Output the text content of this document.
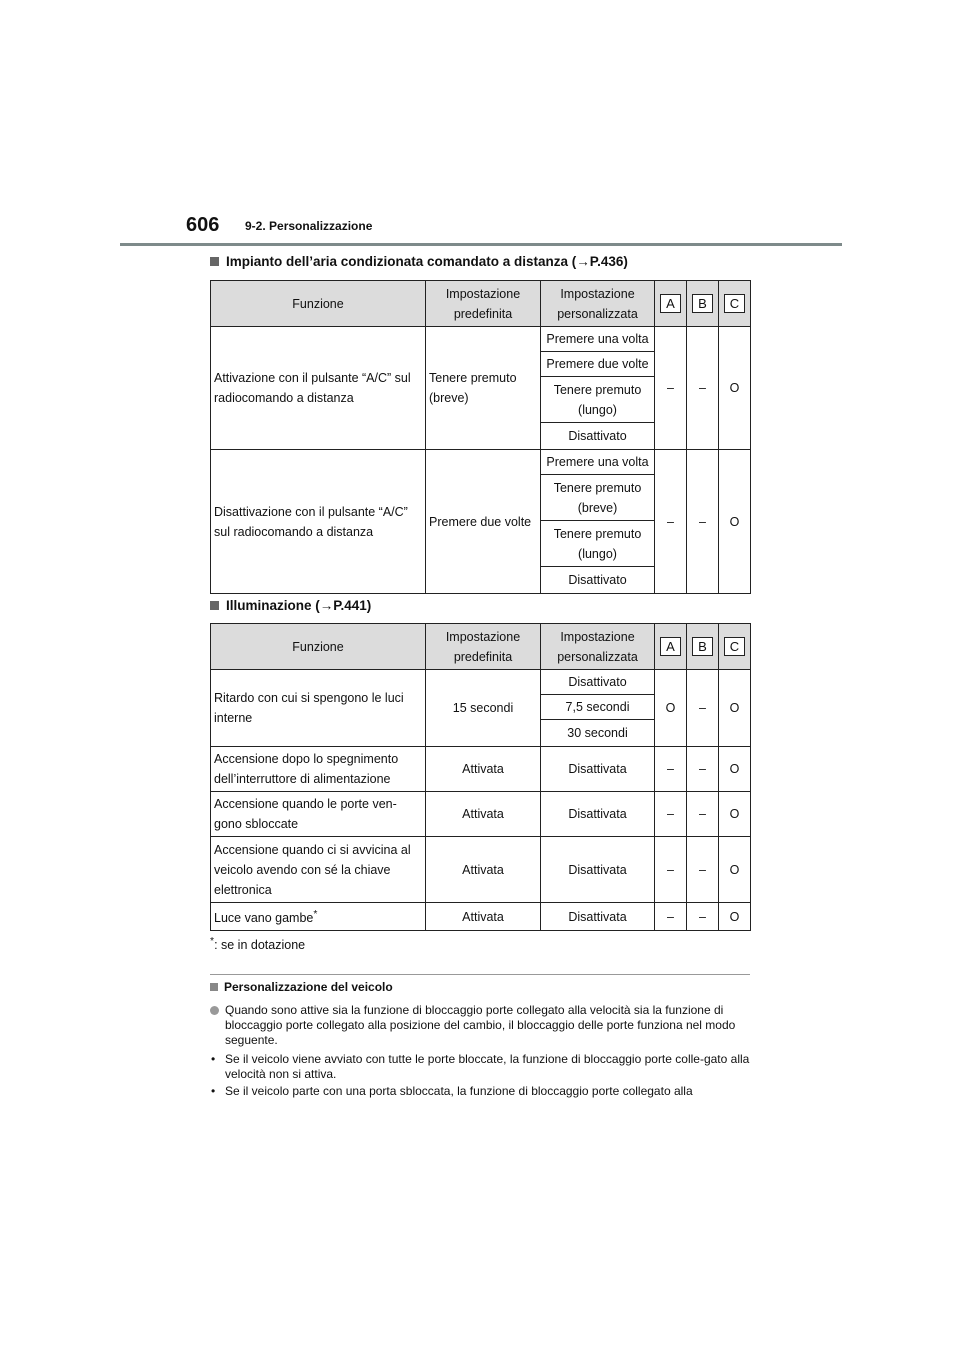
606 9-2. Personalizzazione
Impianto dell’aria condizionata comandato a distanza (→P.436)
Funzione	Impostazione predefinita	Impostazione personalizzata	A	B	C
Attivazione con il pulsante “A/C” sul radiocomando a distanza	Tenere premuto (breve)	Premere una volta	–	–	O
		Premere due volte			
		Tenere premuto (lungo)			
		Disattivato			
Disattivazione con il pulsante “A/C” sul radiocomando a distanza	Premere due volte	Premere una volta	–	–	O
		Tenere premuto (breve)			
		Tenere premuto (lungo)			
		Disattivato			
Illuminazione (→P.441)
Funzione	Impostazione predefinita	Impostazione personalizzata	A	B	C
Ritardo con cui si spengono le luci interne	15 secondi	Disattivato	O	–	O
		7,5 secondi			
		30 secondi			
Accensione dopo lo spegnimento dell’interruttore di alimentazione	Attivata	Disattivata	–	–	O
Accensione quando le porte ven-gono sbloccate	Attivata	Disattivata	–	–	O
Accensione quando ci si avvicina al veicolo avendo con sé la chiave elettronica	Attivata	Disattivata	–	–	O
Luce vano gambe*	Attivata	Disattivata	–	–	O
*: se in dotazione
Personalizzazione del veicolo
Quando sono attive sia la funzione di bloccaggio porte collegato alla velocità sia la funzione di bloccaggio porte collegato alla posizione del cambio, il bloccaggio delle porte funziona nel modo seguente.
• Se il veicolo viene avviato con tutte le porte bloccate, la funzione di bloccaggio porte colle-gato alla velocità non si attiva.
• Se il veicolo parte con una porta sbloccata, la funzione di bloccaggio porte collegato alla
